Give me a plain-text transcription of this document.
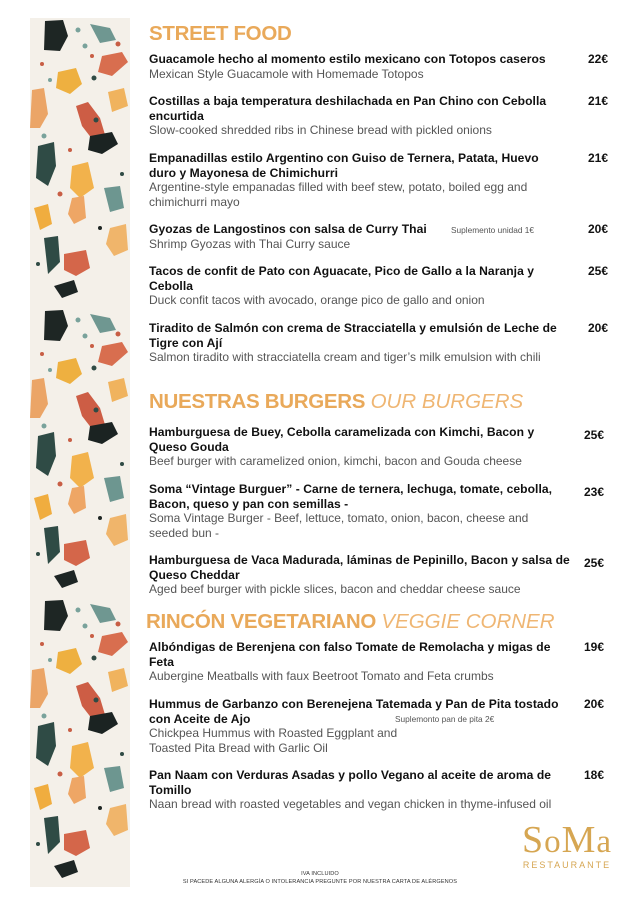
STREET FOOD
Guacamole hecho al momento estilo mexicano con Totopos caseros
Mexican Style Guacamole with Homemade Totopos
22€
Costillas a baja temperatura deshilachada en Pan Chino con Cebolla encurtida
Slow-cooked shredded ribs in Chinese bread with pickled onions
21€
Empanadillas estilo Argentino con Guiso de Ternera, Patata, Huevo duro y Mayonesa de Chimichurri
Argentine-style empanadas filled with beef stew, potato, boiled egg and chimichurri mayo
21€
Gyozas de Langostinos con salsa de Curry Thai
Shrimp Gyozas with Thai Curry sauce
Suplemento unidad 1€	20€
Tacos de confit de Pato con Aguacate, Pico de Gallo a la Naranja y Cebolla
Duck confit tacos with avocado, orange pico de gallo and onion
25€
Tiradito de Salmón con crema de Stracciatella y emulsión de Leche de Tigre con Ají
Salmon tiradito with stracciatella cream and tiger’s milk emulsion with chili
20€
NUESTRAS BURGERS OUR BURGERS
Hamburguesa de Buey, Cebolla caramelizada con Kimchi, Bacon y Queso Gouda
Beef burger with caramelized onion, kimchi, bacon and Gouda cheese
25€
Soma “Vintage Burguer” - Carne de ternera, lechuga, tomate, cebolla, Bacon, queso y pan con semillas -
Soma Vintage Burger - Beef, lettuce, tomato, onion, bacon, cheese and seeded bun -
23€
Hamburguesa de Vaca Madurada, láminas de Pepinillo, Bacon y salsa de Queso Cheddar
Aged beef burger with pickle slices, bacon and cheddar cheese sauce
25€
RINCÓN VEGETARIANO VEGGIE CORNER
Albóndigas de Berenjena con falso Tomate de Remolacha y migas de Feta
Aubergine Meatballs with faux Beetroot Tomato and Feta crumbs
19€
Hummus de Garbanzo con Berenejena Tatemada y Pan de Pita tostado con Aceite de Ajo
Chickpea Hummus with Roasted Eggplant and Toasted Pita Bread with Garlic Oil
Suplemonto pan de pita 2€
20€
Pan Naam con Verduras Asadas y pollo Vegano al aceite de aroma de Tomillo
Naan bread with roasted vegetables and vegan chicken in thyme-infused oil
18€
IVA INCLUIDO
SI PACEDE ALGUNA ALERGÍA O INTOLERANCIA PREGUNTE POR NUESTRA CARTA DE ALÉRGENOS
SoMa
RESTAURANTE
